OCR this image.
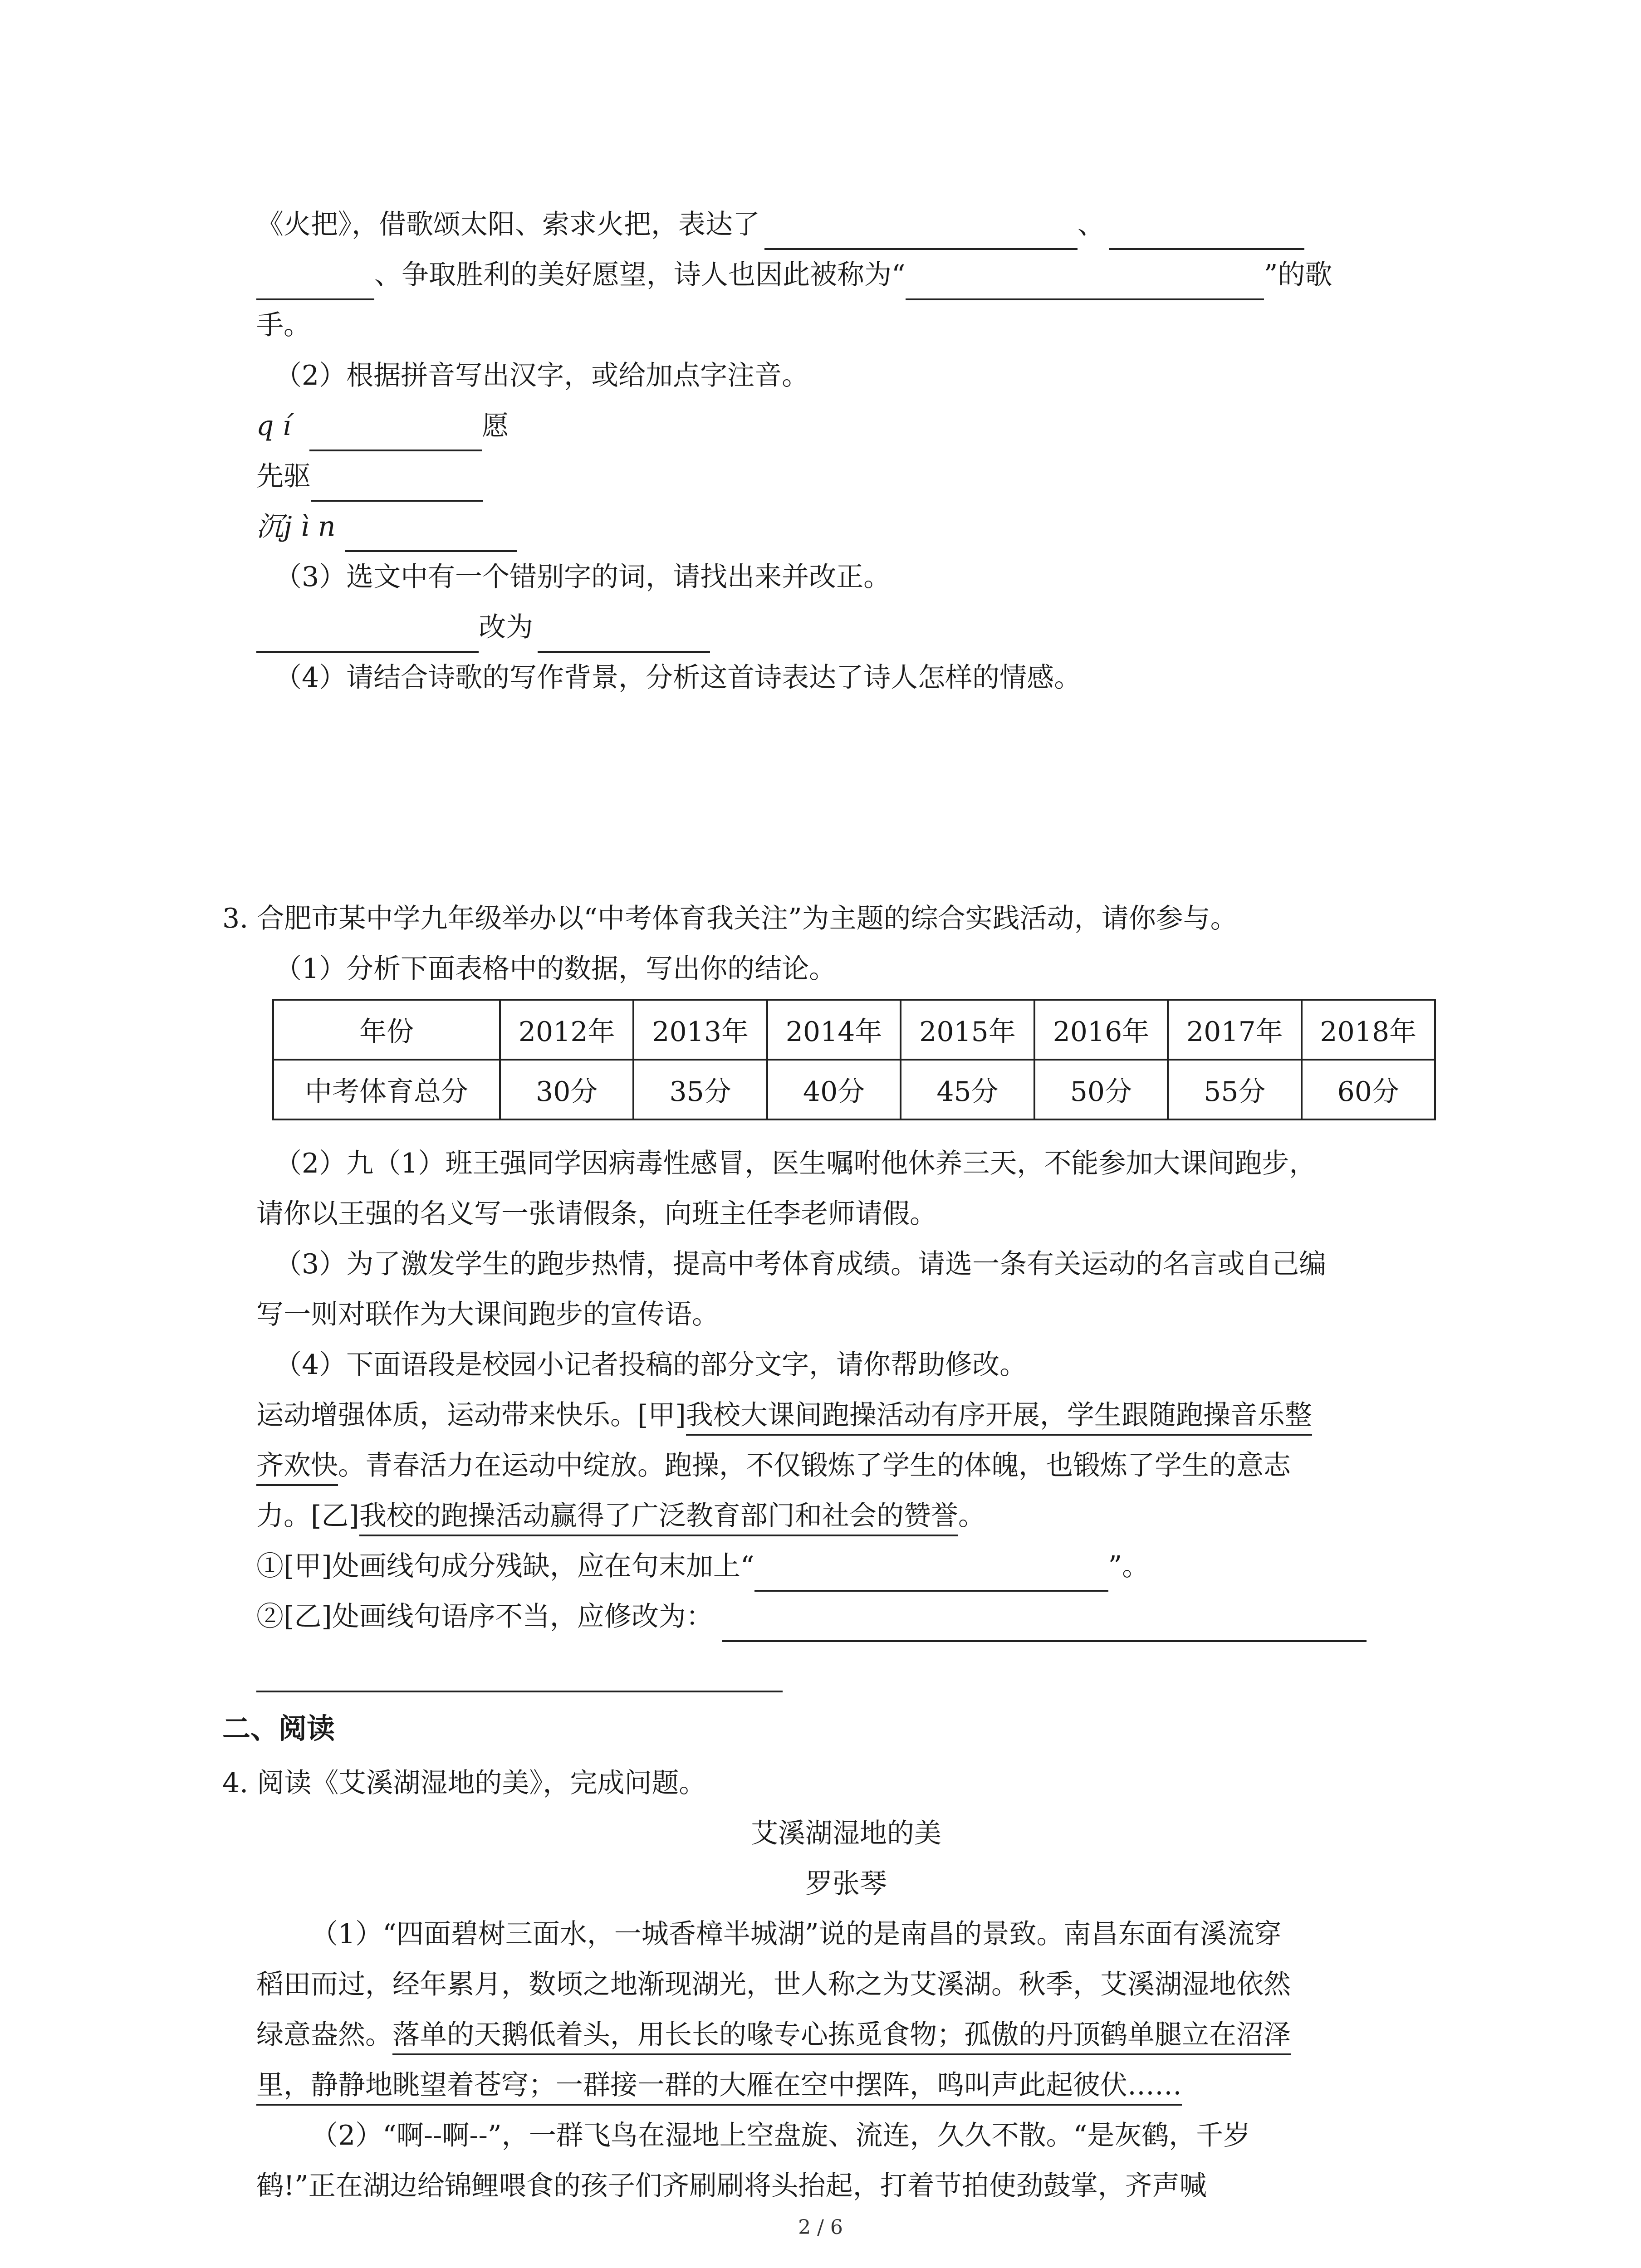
《火把》，借歌颂太阳、索求火把，表达了	、
、争取胜利的美好愿望，诗人也因此被称为“	”的歌
手。
（2）根据拼音写出汉字，或给加点字注音。
q í	愿
先驱
沉j ì n
（3）选文中有一个错别字的词，请找出来并改正。
改为
（4）请结合诗歌的写作背景，分析这首诗表达了诗人怎样的情感。
3. 合肥市某中学九年级举办以“中考体育我关注”为主题的综合实践活动，请你参与。
（1）分析下面表格中的数据，写出你的结论。
年份	2012年	2013年	2014年	2015年	2016年	2017年	2018年
中考体育总分	30分	35分	40分	45分	50分	55分	60分
（2）九（1）班王强同学因病毒性感冒，医生嘱咐他休养三天，不能参加大课间跑步，
请你以王强的名义写一张请假条，向班主任李老师请假。
（3）为了激发学生的跑步热情，提高中考体育成绩。请选一条有关运动的名言或自己编
写一则对联作为大课间跑步的宣传语。
（4）下面语段是校园小记者投稿的部分文字，请你帮助修改。
运动增强体质，运动带来快乐。[甲]我校大课间跑操活动有序开展，学生跟随跑操音乐整
齐欢快。青春活力在运动中绽放。跑操，不仅锻炼了学生的体魄，也锻炼了学生的意志
力。[乙]我校的跑操活动赢得了广泛教育部门和社会的赞誉。
①[甲]处画线句成分残缺，应在句末加上“	”。
②[乙]处画线句语序不当，应修改为：
二、阅读
4. 阅读《艾溪湖湿地的美》，完成问题。
艾溪湖湿地的美
罗张琴
（1）“四面碧树三面水，一城香樟半城湖”说的是南昌的景致。南昌东面有溪流穿
稻田而过，经年累月，数顷之地渐现湖光，世人称之为艾溪湖。秋季，艾溪湖湿地依然
绿意盎然。落单的天鹅低着头，用长长的喙专心拣觅食物；孤傲的丹顶鹤单腿立在沼泽
里，静静地眺望着苍穹；一群接一群的大雁在空中摆阵，鸣叫声此起彼伏……
（2）“啊--啊--”，一群飞鸟在湿地上空盘旋、流连，久久不散。“是灰鹤，千岁
鹤!”正在湖边给锦鲤喂食的孩子们齐刷刷将头抬起，打着节拍使劲鼓掌，齐声喊
2 / 6
